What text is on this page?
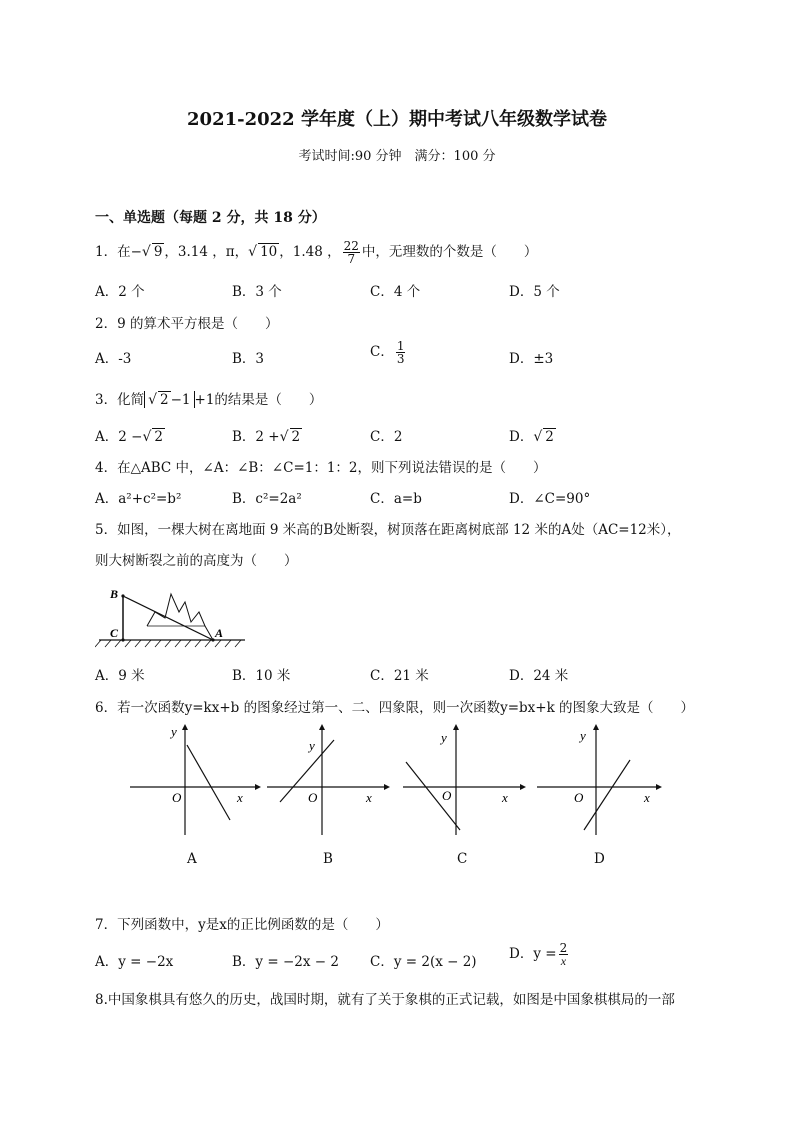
2021-2022 学年度（上）期中考试八年级数学试卷
考试时间:90 分钟　满分：100 分
一、单选题（每题 2 分，共 18 分）
1．在−√ 9 ，3.14 ，π，√ 10 ，1.48 ， $\frac{22}{7}$ 中，无理数的个数是（　　）
A．2 个	B．3 个	C．4 个	D．5 个
2．9 的算术平方根是（　　）
A．-3	B．3	C． $\frac{1}{3}$	D．±3
3．化简 √ 2 −1 +1的结果是（　　）
A．2 −√ 2	B．2 +√ 2	C．2	D．√ 2
4．在△ABC 中，∠A：∠B：∠C=1：1：2，则下列说法错误的是（　　）
A．a²+c²=b²	B．c²=2a²	C．a=b	D．∠C=90°
5．如图，一棵大树在离地面 9 米高的B处断裂，树顶落在距离树底部 12 米的A处（AC=12米），
则大树断裂之前的高度为（　　）
B
C	A
A．9 米	B．10 米	C．21 米	D．24 米
6．若一次函数y=kx+b 的图象经过第一、二、四象限，则一次函数y=bx+k 的图象大致是（　　）
y
x
O
y
x
O
y
x
O
y
x
O
A	B	C	D
7．下列函数中，y是x的正比例函数的是（　　）
A．y = −2x	B．y = −2x − 2 C．y = 2(x − 2) D．$y = \frac{2}{x}$
8.中国象棋具有悠久的历史，战国时期，就有了关于象棋的正式记载，如图是中国象棋棋局的一部
